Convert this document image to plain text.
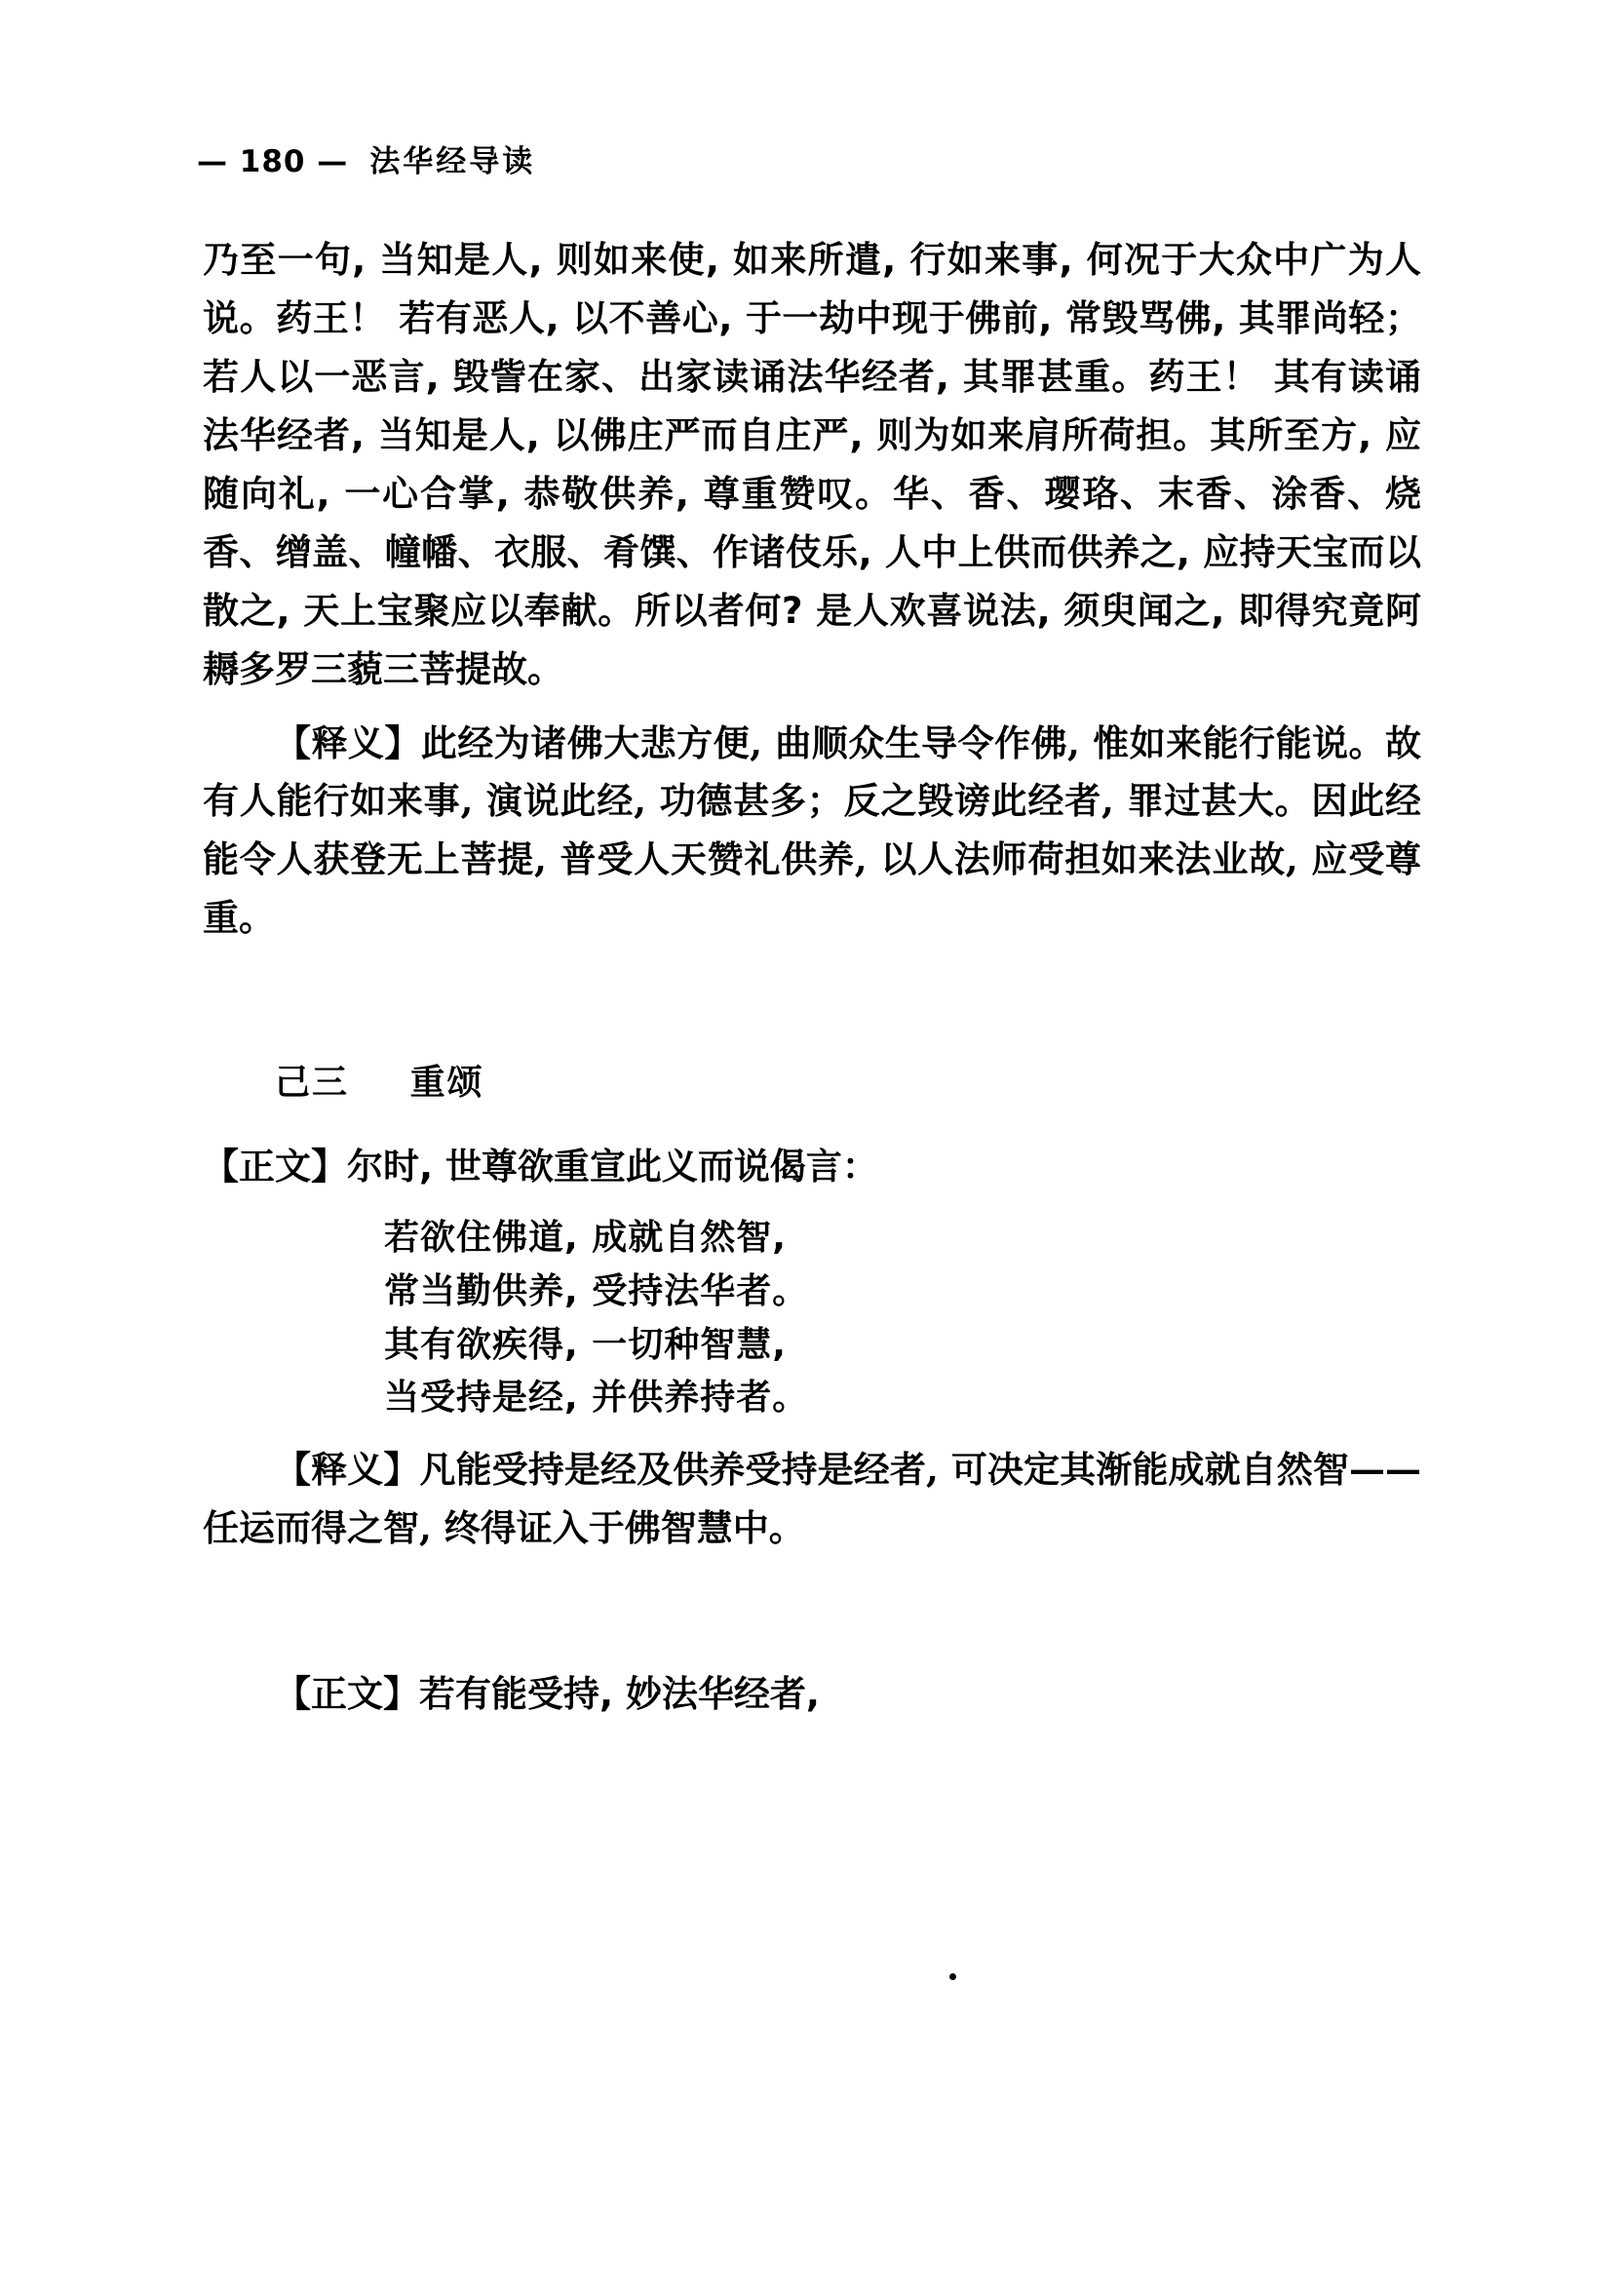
— 180 — 法华经导读
乃至一句, 当知是人, 则如来使, 如来所遣, 行如来事, 何况于大众中广为人说。药王！ 若有恶人, 以不善心, 于一劫中现于佛前, 常毁骂佛, 其罪尚轻；若人以一恶言, 毁訾在家、出家读诵法华经者, 其罪甚重。药王！ 其有读诵法华经者, 当知是人, 以佛庄严而自庄严, 则为如来肩所荷担。其所至方, 应随向礼, 一心合掌, 恭敬供养, 尊重赞叹。华、香、璎珞、末香、涂香、烧香、缯盖、幢幡、衣服、肴馔、作诸伎乐, 人中上供而供养之, 应持天宝而以散之, 天上宝聚应以奉献。所以者何? 是人欢喜说法, 须臾闻之, 即得究竟阿耨多罗三藐三菩提故。
【释义】此经为诸佛大悲方便, 曲顺众生导令作佛, 惟如来能行能说。故有人能行如来事, 演说此经, 功德甚多；反之毁谤此经者, 罪过甚大。因此经能令人获登无上菩提, 普受人天赞礼供养, 以人法师荷担如来法业故, 应受尊重。
己三 重颂
【正文】尔时, 世尊欲重宣此义而说偈言：
若欲住佛道, 成就自然智,
常当勤供养, 受持法华者。
其有欲疾得, 一切种智慧,
当受持是经, 并供养持者。
【释义】凡能受持是经及供养受持是经者, 可决定其渐能成就自然智——任运而得之智, 终得证入于佛智慧中。
【正文】若有能受持, 妙法华经者,
